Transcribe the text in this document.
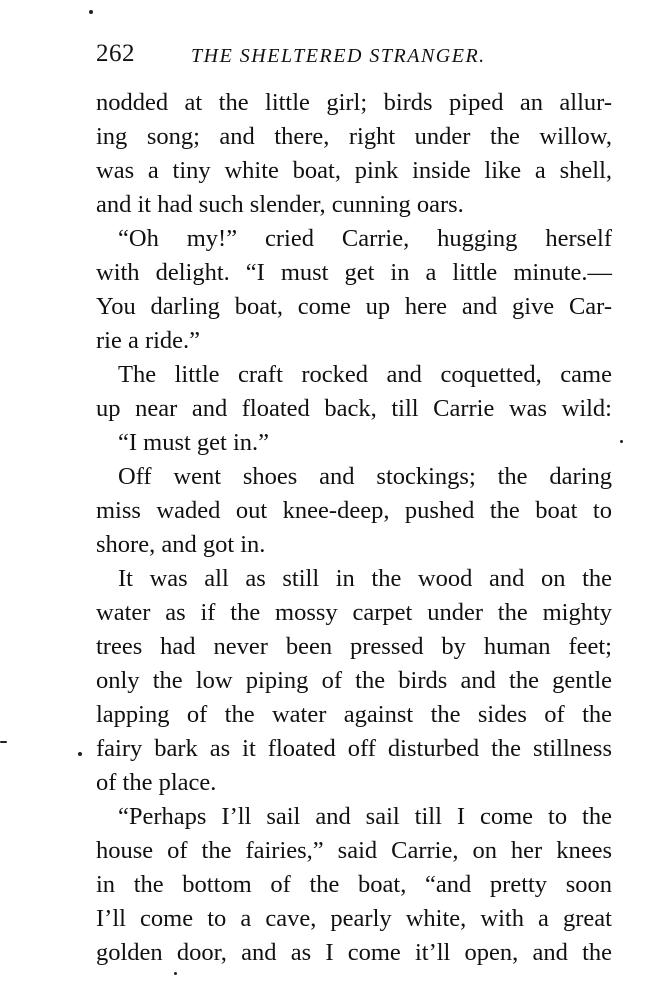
262	THE SHELTERED STRANGER.
nodded at the little girl; birds piped an allur-
ing song; and there, right under the willow,
was a tiny white boat, pink inside like a shell,
and it had such slender, cunning oars.
“Oh my!” cried Carrie, hugging herself
with delight. “I must get in a little minute.—
You darling boat, come up here and give Car-
rie a ride.”
The little craft rocked and coquetted, came
up near and floated back, till Carrie was wild:
“I must get in.”
Off went shoes and stockings; the daring
miss waded out knee-deep, pushed the boat to
shore, and got in.
It was all as still in the wood and on the
water as if the mossy carpet under the mighty
trees had never been pressed by human feet;
only the low piping of the birds and the gentle
lapping of the water against the sides of the
fairy bark as it floated off disturbed the stillness
of the place.
“Perhaps I’ll sail and sail till I come to the
house of the fairies,” said Carrie, on her knees
in the bottom of the boat, “and pretty soon
I’ll come to a cave, pearly white, with a great
golden door, and as I come it’ll open, and the
